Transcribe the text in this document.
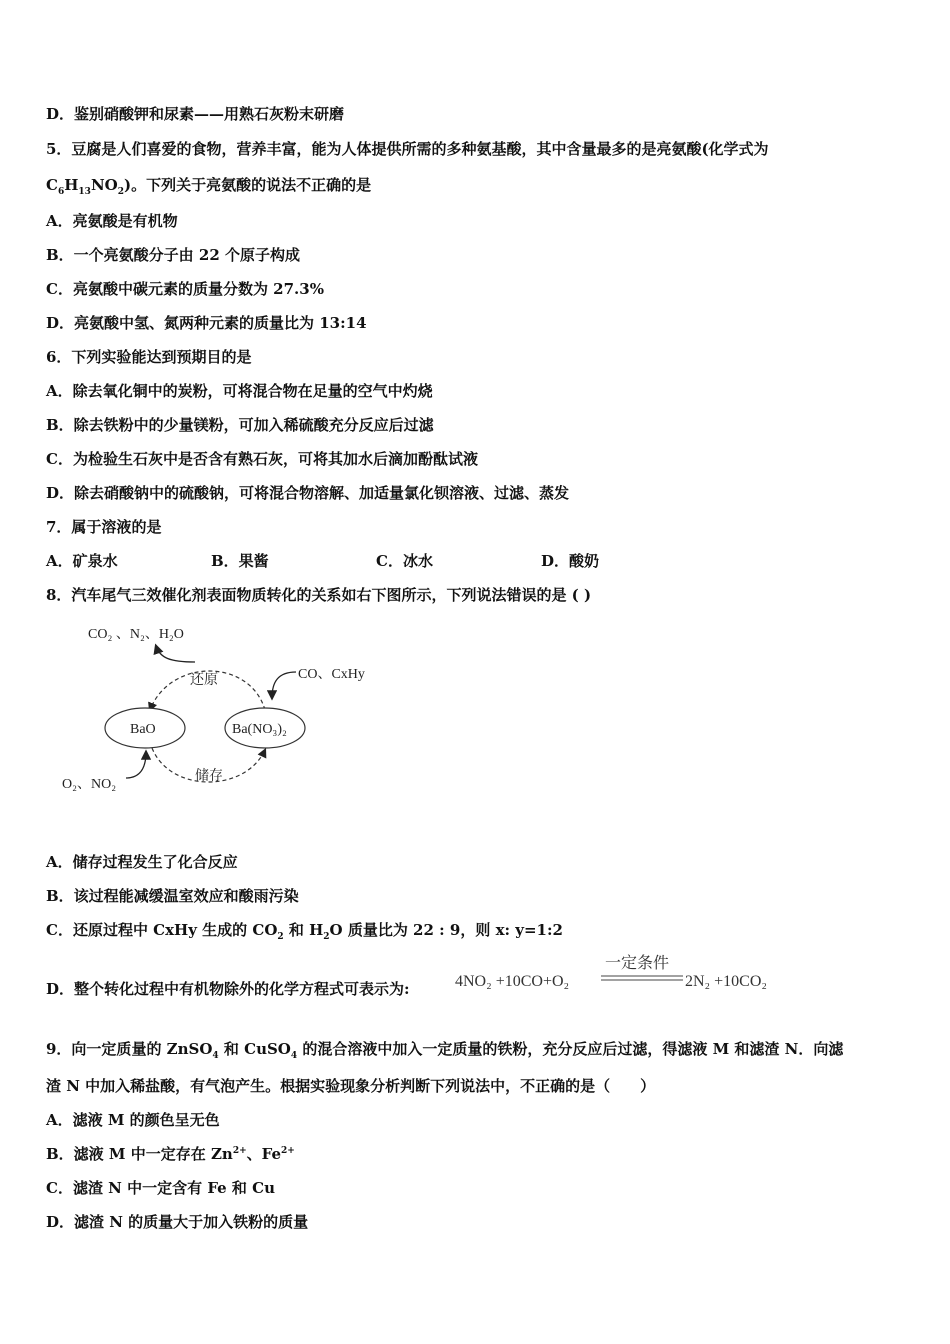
D．鉴别硝酸钾和尿素——用熟石灰粉末研磨
5．豆腐是人们喜爱的食物，营养丰富，能为人体提供所需的多种氨基酸，其中含量最多的是亮氨酸(化学式为
$C_6H_{13}NO_2$)。下列关于亮氨酸的说法不正确的是
A．亮氨酸是有机物
B．一个亮氨酸分子由 22 个原子构成
C．亮氨酸中碳元素的质量分数为 27.3%
D．亮氨酸中氢、氮两种元素的质量比为 13:14
6．下列实验能达到预期目的是
A．除去氧化铜中的炭粉，可将混合物在足量的空气中灼烧
B．除去铁粉中的少量镁粉，可加入稀硫酸充分反应后过滤
C．为检验生石灰中是否含有熟石灰，可将其加水后滴加酚酞试液
D．除去硝酸钠中的硫酸钠，可将混合物溶解、加适量氯化钡溶液、过滤、蒸发
7．属于溶液的是
A．矿泉水	B．果酱	C．冰水	D．酸奶
8．汽车尾气三效催化剂表面物质转化的关系如右下图所示，下列说法错误的是 ( )
CO₂ 、N₂、H₂O
还原	CO、CxHy
BaO	Ba(NO₃)₂
储存
O₂、NO₂
A．储存过程发生了化合反应
B．该过程能减缓温室效应和酸雨污染
C．还原过程中 CxHy 生成的 $CO_2$ 和 $H_2O$ 质量比为 22 : 9，则 x: y=1:2
D．整个转化过程中有机物除外的化学方程式可表示为:
一定条件
4NO₂ +10CO+O₂	2N₂ +10CO₂
9．向一定质量的 ZnSO$_4$ 和 CuSO$_4$ 的混合溶液中加入一定质量的铁粉，充分反应后过滤，得滤液 M 和滤渣 N．向滤
渣 N 中加入稀盐酸，有气泡产生。根据实验现象分析判断下列说法中，不正确的是（　　）
A．滤液 M 的颜色呈无色
B．滤液 M 中一定存在 $Zn^{2+}$、$Fe^{2+}$
C．滤渣 N 中一定含有 Fe 和 Cu
D．滤渣 N 的质量大于加入铁粉的质量
